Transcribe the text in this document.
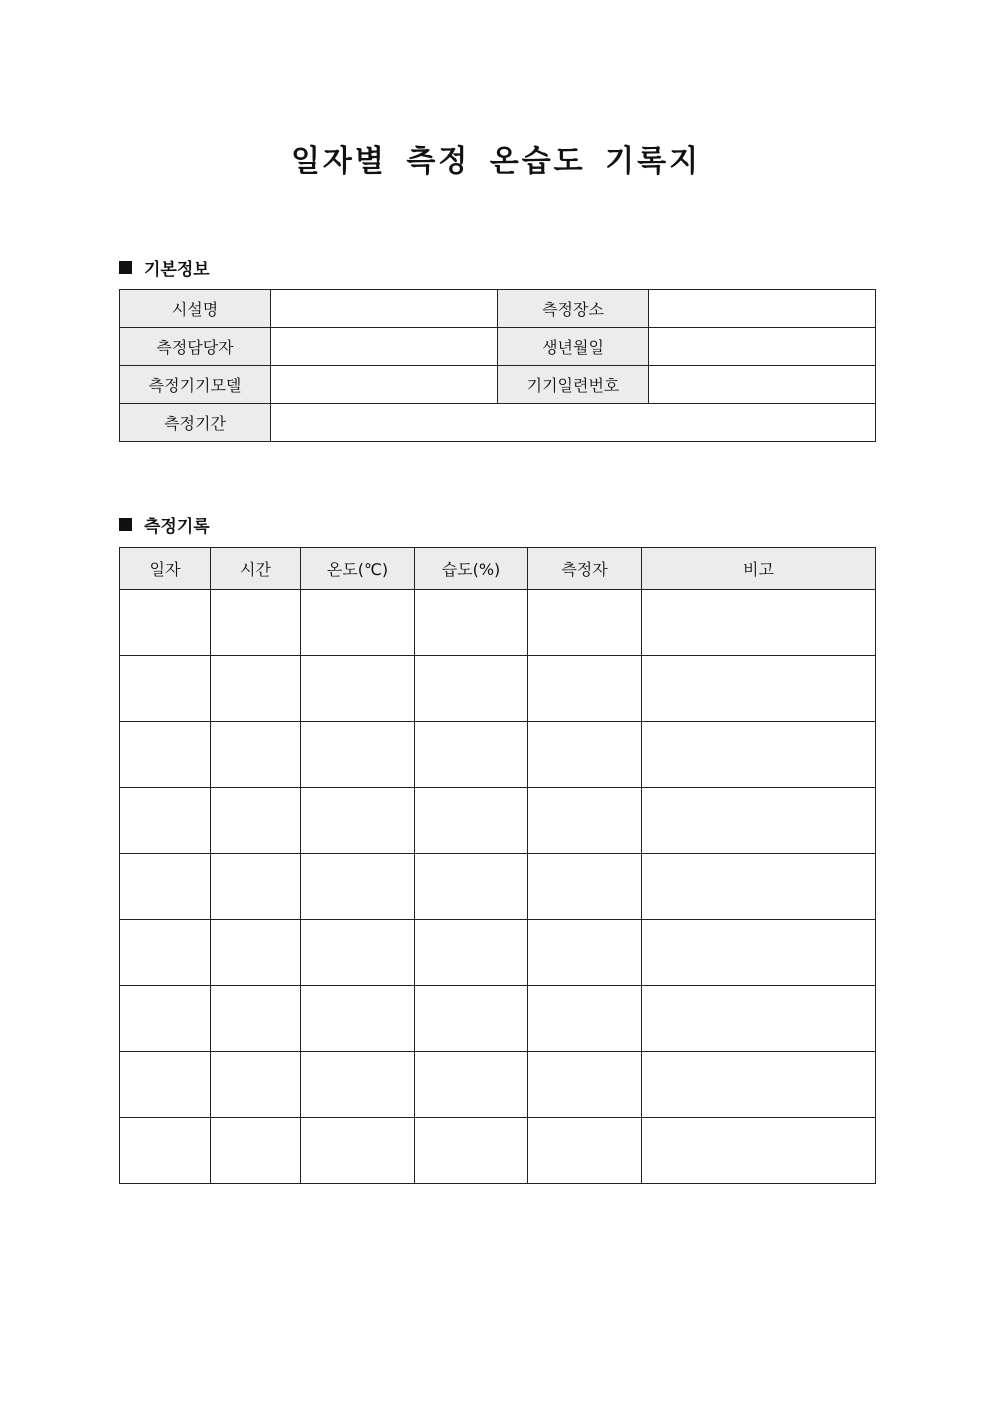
일자별 측정 온습도 기록지
기본정보
시설명		측정장소	
측정담당자		생년월일	
측정기기모델		기기일련번호	
측정기간			
측정기록
일자	시간	온도(℃)	습도(%)	측정자	비고
